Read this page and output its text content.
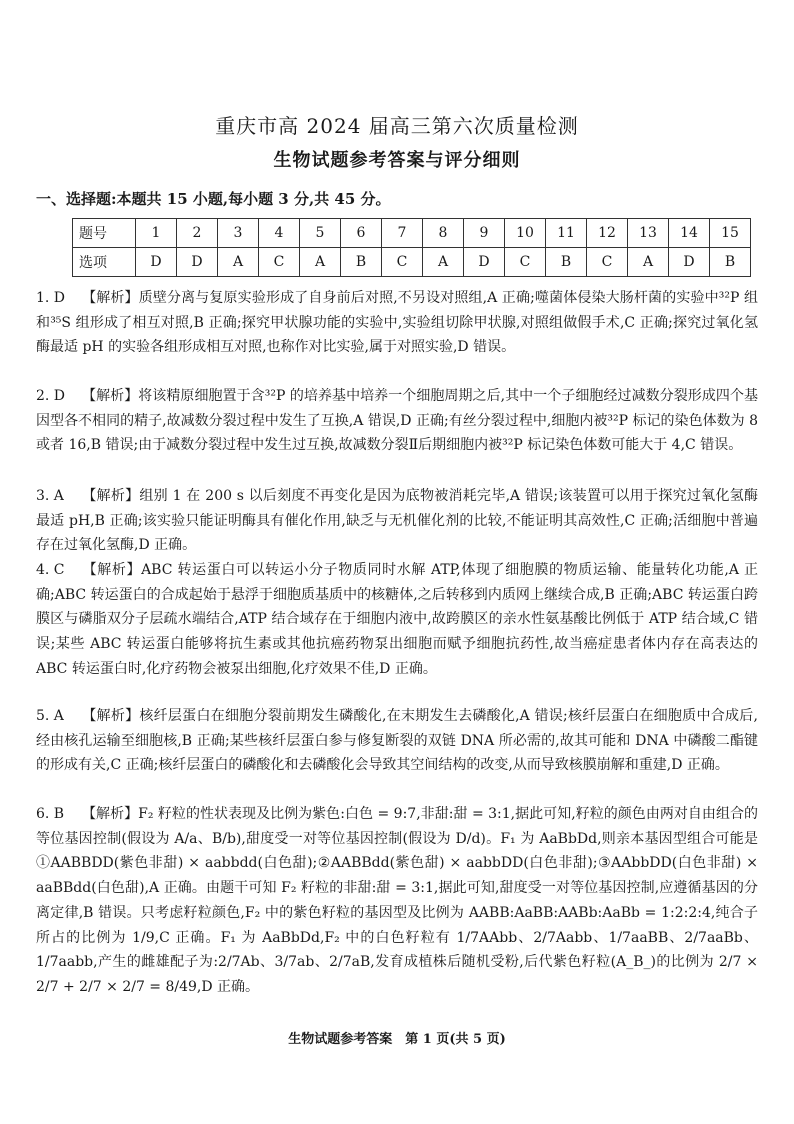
重庆市高 2024 届高三第六次质量检测
生物试题参考答案与评分细则
一、选择题:本题共 15 小题,每小题 3 分,共 45 分。
题号	1	2	3	4	5	6	7	8	9	10	11	12	13	14	15
选项	D	D	A	C	A	B	C	A	D	C	B	C	A	D	B
1. D 【解析】质壁分离与复原实验形成了自身前后对照,不另设对照组,A 正确;噬菌体侵染大肠杆菌的实验中³²P 组和³⁵S 组形成了相互对照,B 正确;探究甲状腺功能的实验中,实验组切除甲状腺,对照组做假手术,C 正确;探究过氧化氢酶最适 pH 的实验各组形成相互对照,也称作对比实验,属于对照实验,D 错误。
2. D 【解析】将该精原细胞置于含³²P 的培养基中培养一个细胞周期之后,其中一个子细胞经过减数分裂形成四个基因型各不相同的精子,故减数分裂过程中发生了互换,A 错误,D 正确;有丝分裂过程中,细胞内被³²P 标记的染色体数为 8 或者 16,B 错误;由于减数分裂过程中发生过互换,故减数分裂Ⅱ后期细胞内被³²P 标记染色体数可能大于 4,C 错误。
3. A 【解析】组别 1 在 200 s 以后刻度不再变化是因为底物被消耗完毕,A 错误;该装置可以用于探究过氧化氢酶最适 pH,B 正确;该实验只能证明酶具有催化作用,缺乏与无机催化剂的比较,不能证明其高效性,C 正确;活细胞中普遍存在过氧化氢酶,D 正确。
4. C 【解析】ABC 转运蛋白可以转运小分子物质同时水解 ATP,体现了细胞膜的物质运输、能量转化功能,A 正确;ABC 转运蛋白的合成起始于悬浮于细胞质基质中的核糖体,之后转移到内质网上继续合成,B 正确;ABC 转运蛋白跨膜区与磷脂双分子层疏水端结合,ATP 结合域存在于细胞内液中,故跨膜区的亲水性氨基酸比例低于 ATP 结合域,C 错误;某些 ABC 转运蛋白能够将抗生素或其他抗癌药物泵出细胞而赋予细胞抗药性,故当癌症患者体内存在高表达的 ABC 转运蛋白时,化疗药物会被泵出细胞,化疗效果不佳,D 正确。
5. A 【解析】核纤层蛋白在细胞分裂前期发生磷酸化,在末期发生去磷酸化,A 错误;核纤层蛋白在细胞质中合成后,经由核孔运输至细胞核,B 正确;某些核纤层蛋白参与修复断裂的双链 DNA 所必需的,故其可能和 DNA 中磷酸二酯键的形成有关,C 正确;核纤层蛋白的磷酸化和去磷酸化会导致其空间结构的改变,从而导致核膜崩解和重建,D 正确。
6. B 【解析】F₂ 籽粒的性状表现及比例为紫色:白色 = 9:7,非甜:甜 = 3:1,据此可知,籽粒的颜色由两对自由组合的等位基因控制(假设为 A/a、B/b),甜度受一对等位基因控制(假设为 D/d)。F₁ 为 AaBbDd,则亲本基因型组合可能是①AABBDD(紫色非甜) × aabbdd(白色甜);②AABBdd(紫色甜) × aabbDD(白色非甜);③AAbbDD(白色非甜) × aaBBdd(白色甜),A 正确。由题干可知 F₂ 籽粒的非甜:甜 = 3:1,据此可知,甜度受一对等位基因控制,应遵循基因的分离定律,B 错误。只考虑籽粒颜色,F₂ 中的紫色籽粒的基因型及比例为 AABB:AaBB:AABb:AaBb = 1:2:2:4,纯合子所占的比例为 1/9,C 正确。F₁ 为 AaBbDd,F₂ 中的白色籽粒有 1/7AAbb、2/7Aabb、1/7aaBB、2/7aaBb、1/7aabb,产生的雌雄配子为:2/7Ab、3/7ab、2/7aB,发育成植株后随机受粉,后代紫色籽粒(A_B_)的比例为 2/7 × 2/7 + 2/7 × 2/7 = 8/49,D 正确。
生物试题参考答案　第 1 页(共 5 页)
